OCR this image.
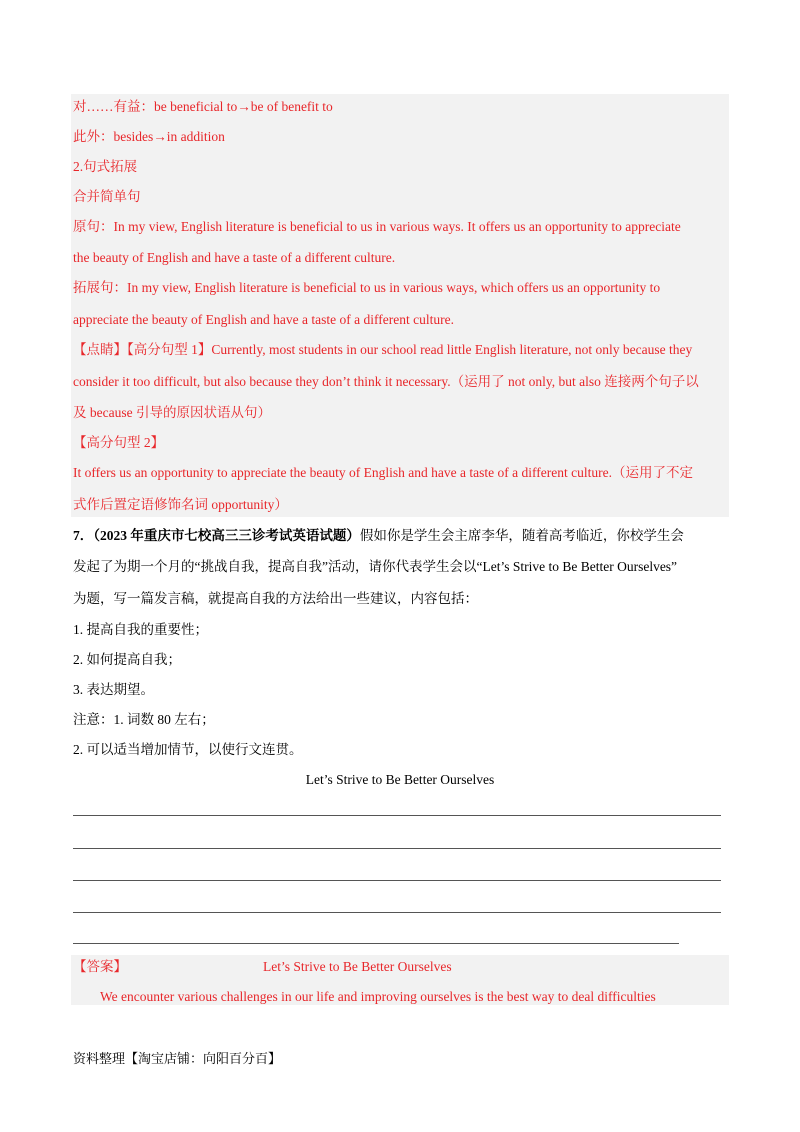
对……有益：be beneficial to→be of benefit to
此外：besides→in addition
2.句式拓展
合并简单句
原句：In my view, English literature is beneficial to us in various ways. It offers us an opportunity to appreciate
the beauty of English and have a taste of a different culture.
拓展句：In my view, English literature is beneficial to us in various ways, which offers us an opportunity to
appreciate the beauty of English and have a taste of a different culture.
【点睛】【高分句型 1】Currently, most students in our school read little English literature, not only because they
consider it too difficult, but also because they don’t think it necessary.（运用了 not only, but also 连接两个句子以
及 because 引导的原因状语从句）
【高分句型 2】
It offers us an opportunity to appreciate the beauty of English and have a taste of a different culture.（运用了不定
式作后置定语修饰名词 opportunity）
7．（2023 年重庆市七校高三三诊考试英语试题）假如你是学生会主席李华，随着高考临近，你校学生会
发起了为期一个月的“挑战自我，提高自我”活动，请你代表学生会以“Let’s Strive to Be Better Ourselves”
为题，写一篇发言稿，就提高自我的方法给出一些建议，内容包括：
1. 提高自我的重要性；
2. 如何提高自我；
3. 表达期望。
注意：1. 词数 80 左右；
2. 可以适当增加情节，以使行文连贯。
Let’s Strive to Be Better Ourselves
【答案】	Let’s Strive to Be Better Ourselves
We encounter various challenges in our life and improving ourselves is the best way to deal difficulties
资料整理【淘宝店铺：向阳百分百】
